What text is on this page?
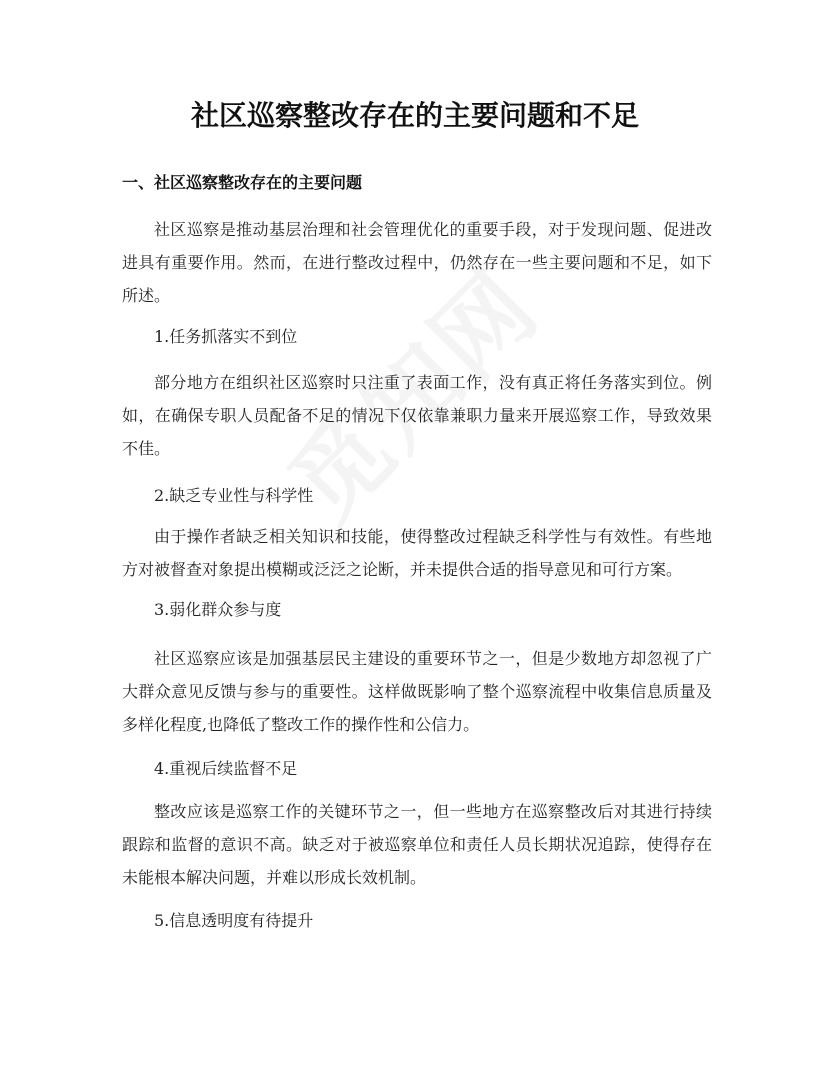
社区巡察整改存在的主要问题和不足
一、社区巡察整改存在的主要问题

社区巡察是推动基层治理和社会管理优化的重要手段，对于发现问题、促进改进具有重要作用。然而，在进行整改过程中，仍然存在一些主要问题和不足，如下所述。

1.任务抓落实不到位

部分地方在组织社区巡察时只注重了表面工作，没有真正将任务落实到位。例如，在确保专职人员配备不足的情况下仅依靠兼职力量来开展巡察工作，导致效果不佳。

2.缺乏专业性与科学性

由于操作者缺乏相关知识和技能，使得整改过程缺乏科学性与有效性。有些地方对被督查对象提出模糊或泛泛之论断，并未提供合适的指导意见和可行方案。

3.弱化群众参与度

社区巡察应该是加强基层民主建设的重要环节之一，但是少数地方却忽视了广大群众意见反馈与参与的重要性。这样做既影响了整个巡察流程中收集信息质量及多样化程度,也降低了整改工作的操作性和公信力。

4.重视后续监督不足

整改应该是巡察工作的关键环节之一，但一些地方在巡察整改后对其进行持续跟踪和监督的意识不高。缺乏对于被巡察单位和责任人员长期状况追踪，使得存在未能根本解决问题，并难以形成长效机制。

5.信息透明度有待提升
